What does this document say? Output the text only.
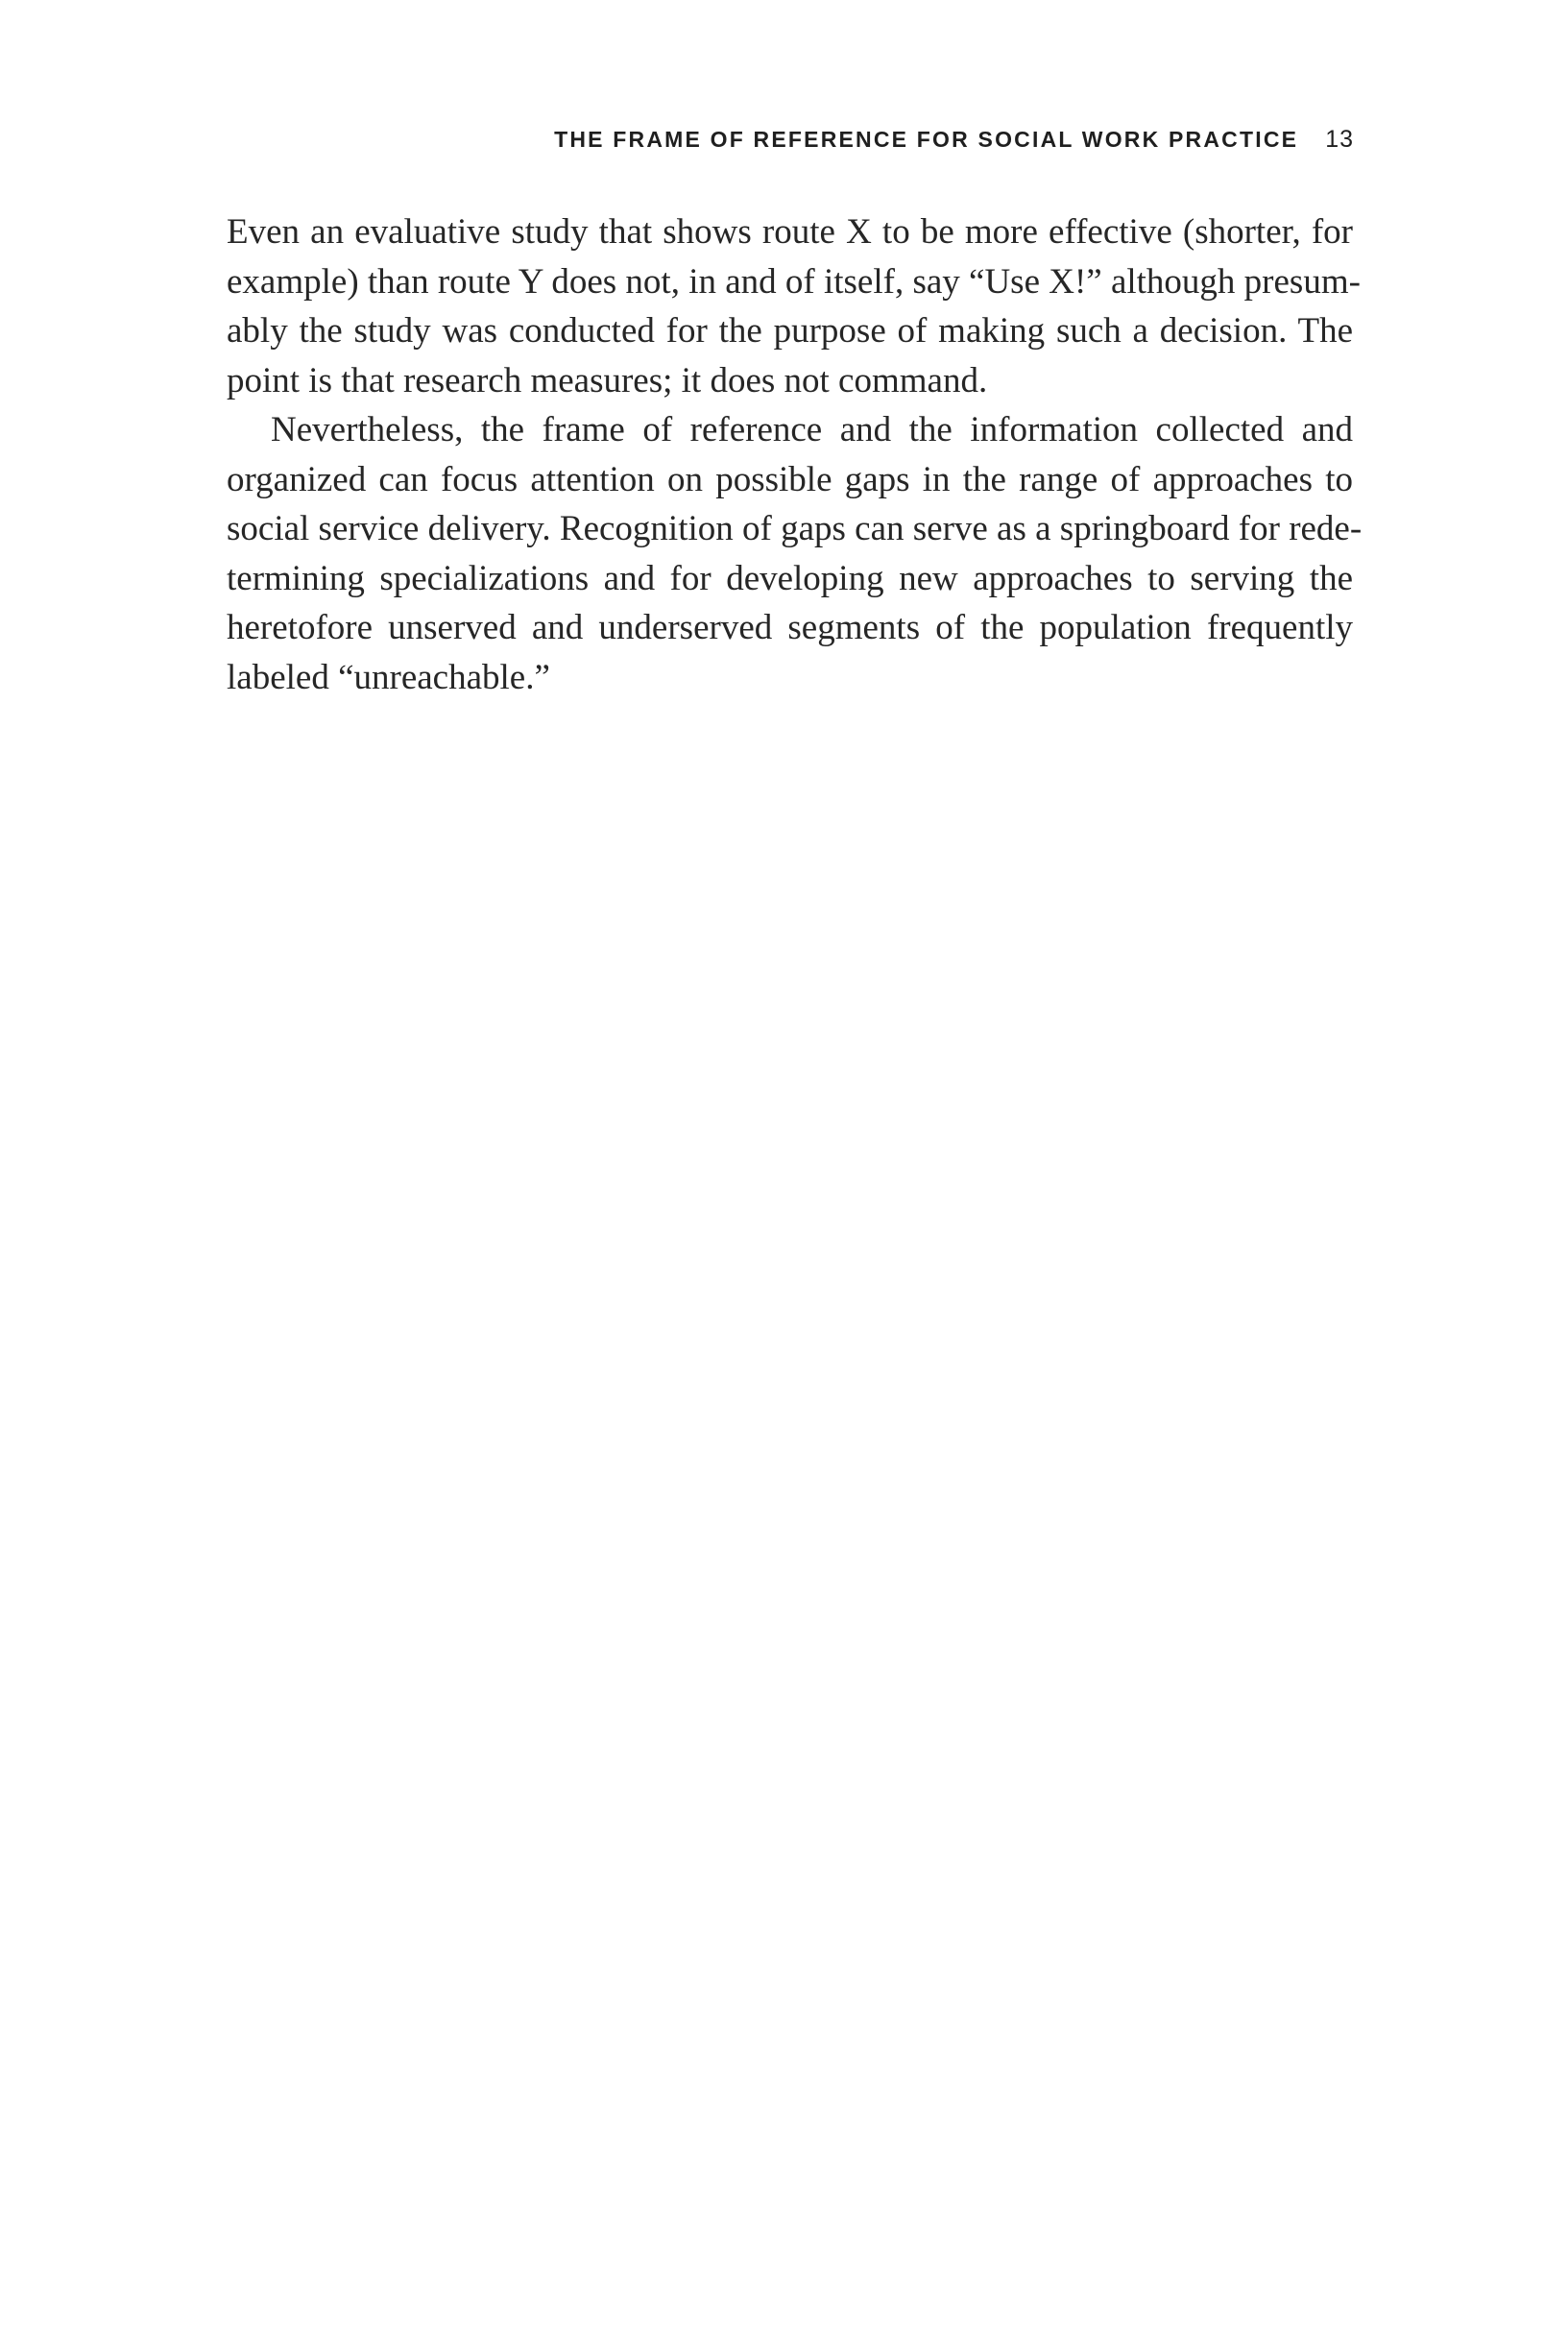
THE FRAME OF REFERENCE FOR SOCIAL WORK PRACTICE 13
Even an evaluative study that shows route X to be more effective (shorter, for
example) than route Y does not, in and of itself, say “Use X!” although presum-
ably the study was conducted for the purpose of making such a decision. The
point is that research measures; it does not command.
Nevertheless, the frame of reference and the information collected and
organized can focus attention on possible gaps in the range of approaches to
social service delivery. Recognition of gaps can serve as a springboard for rede-
termining specializations and for developing new approaches to serving the
heretofore unserved and underserved segments of the population frequently
labeled “unreachable.”
